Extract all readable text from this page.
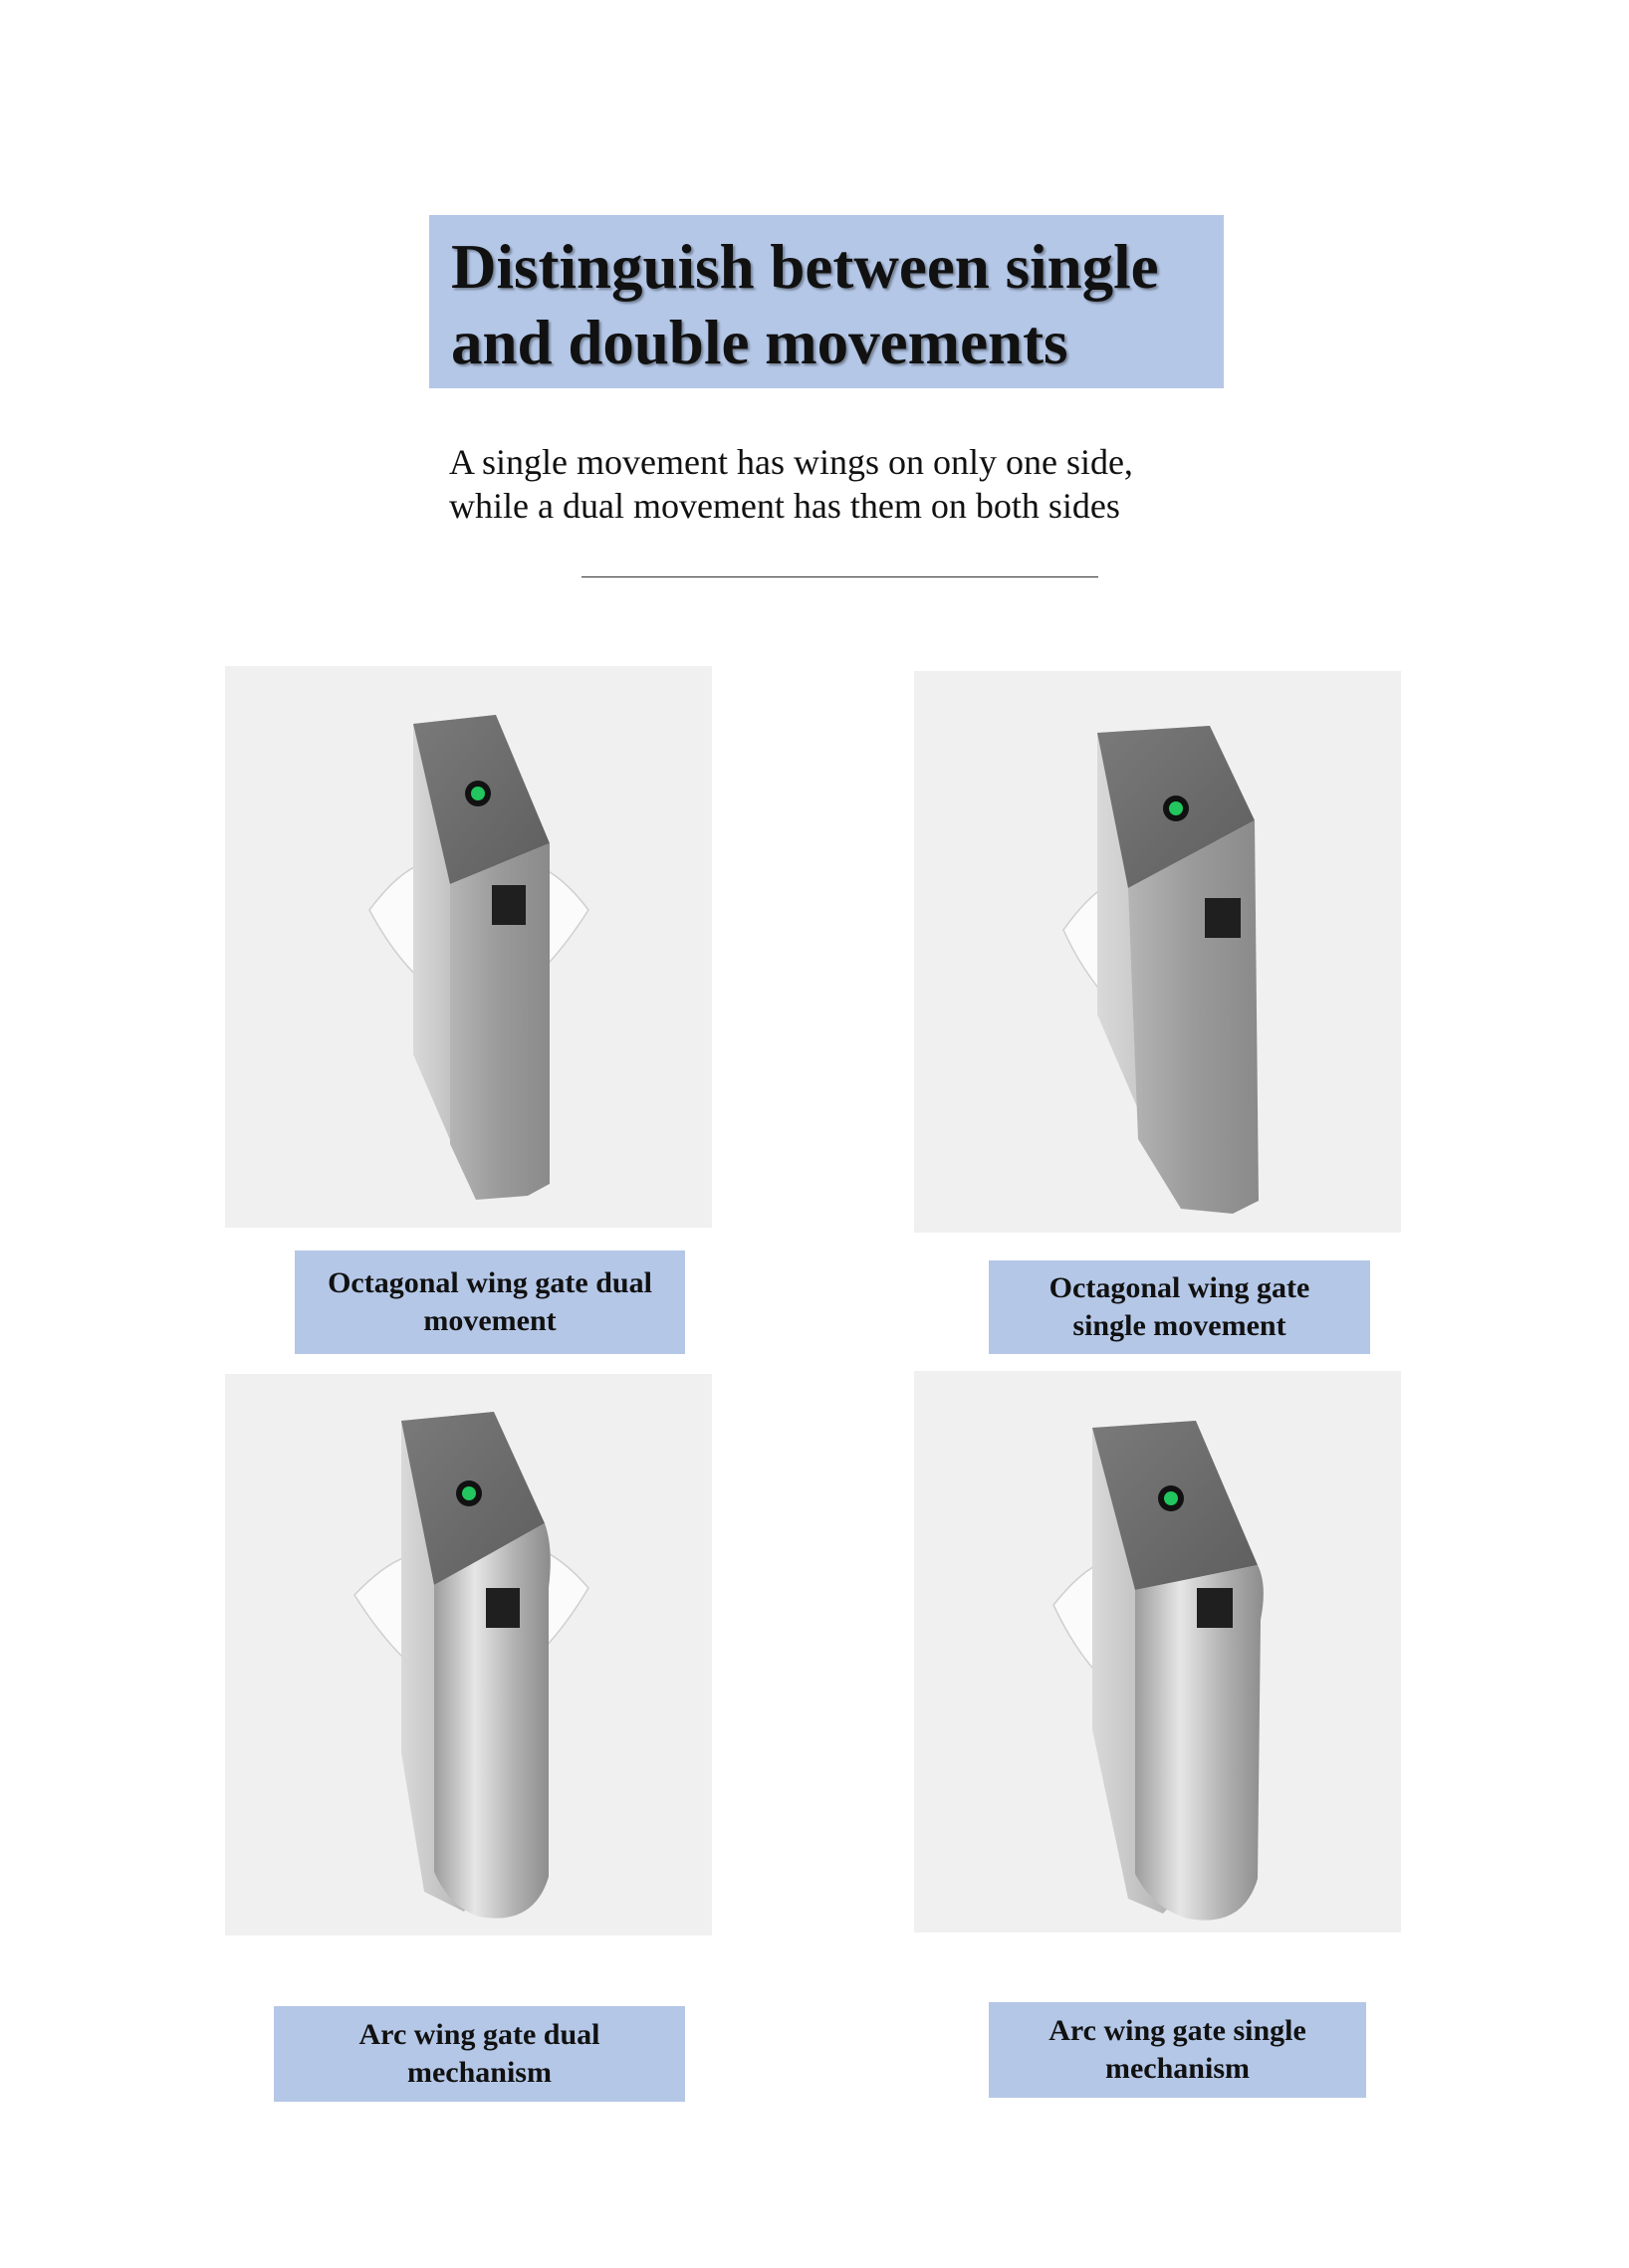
Distinguish between single
and double movements

A single movement has wings on only one side,
while a dual movement has them on both sides

Octagonal wing gate dual
movement
Octagonal wing gate
single movement
Arc wing gate dual
mechanism
Arc wing gate single
mechanism
